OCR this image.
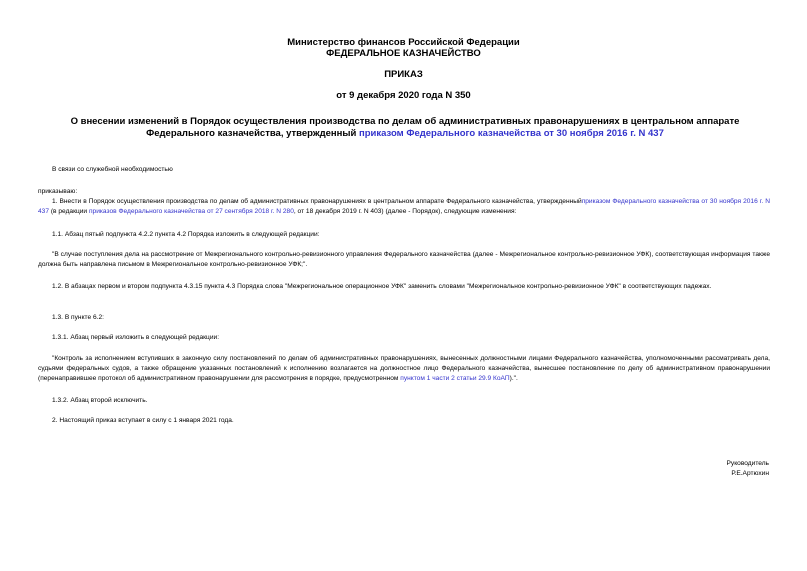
Министерство финансов Российской Федерации
ФЕДЕРАЛЬНОЕ КАЗНАЧЕЙСТВО
ПРИКАЗ
от 9 декабря 2020 года N 350
О внесении изменений в Порядок осуществления производства по делам об административных правонарушениях в центральном аппарате Федерального казначейства, утвержденный приказом Федерального казначейства от 30 ноября 2016 г. N 437
В связи со служебной необходимостью
приказываю:
1. Внести в Порядок осуществления производства по делам об административных правонарушениях в центральном аппарате Федерального казначейства, утвержденныйприказом Федерального казначейства от 30 ноября 2016 г. N 437 (в редакции приказов Федерального казначейства от 27 сентября 2018 г. N 280, от 18 декабря 2019 г. N 403) (далее - Порядок), следующие изменения:
1.1. Абзац пятый подпункта 4.2.2 пункта 4.2 Порядка изложить в следующей редакции:
"В случае поступления дела на рассмотрение от Межрегионального контрольно-ревизионного управления Федерального казначейства (далее - Межрегиональное контрольно-ревизионное УФК), соответствующая информация также должна быть направлена письмом в Межрегиональное контрольно-ревизионное УФК;".
1.2. В абзацах первом и втором подпункта 4.3.15 пункта 4.3 Порядка слова "Межрегиональное операционное УФК" заменить словами "Межрегиональное контрольно-ревизионное УФК" в соответствующих падежах.
1.3. В пункте 6.2:
1.3.1. Абзац первый изложить в следующей редакции:
"Контроль за исполнением вступивших в законную силу постановлений по делам об административных правонарушениях, вынесенных должностными лицами Федерального казначейства, уполномоченными рассматривать дела, судьями федеральных судов, а также обращение указанных постановлений к исполнению возлагается на должностное лицо Федерального казначейства, вынесшее постановление по делу об административном правонарушении (перенаправившее протокол об административном правонарушении для рассмотрения в порядке, предусмотренном пунктом 1 части 2 статьи 29.9 КоАП).".
1.3.2. Абзац второй исключить.
2. Настоящий приказ вступает в силу с 1 января 2021 года.
Руководитель
Р.Е.Артюхин
